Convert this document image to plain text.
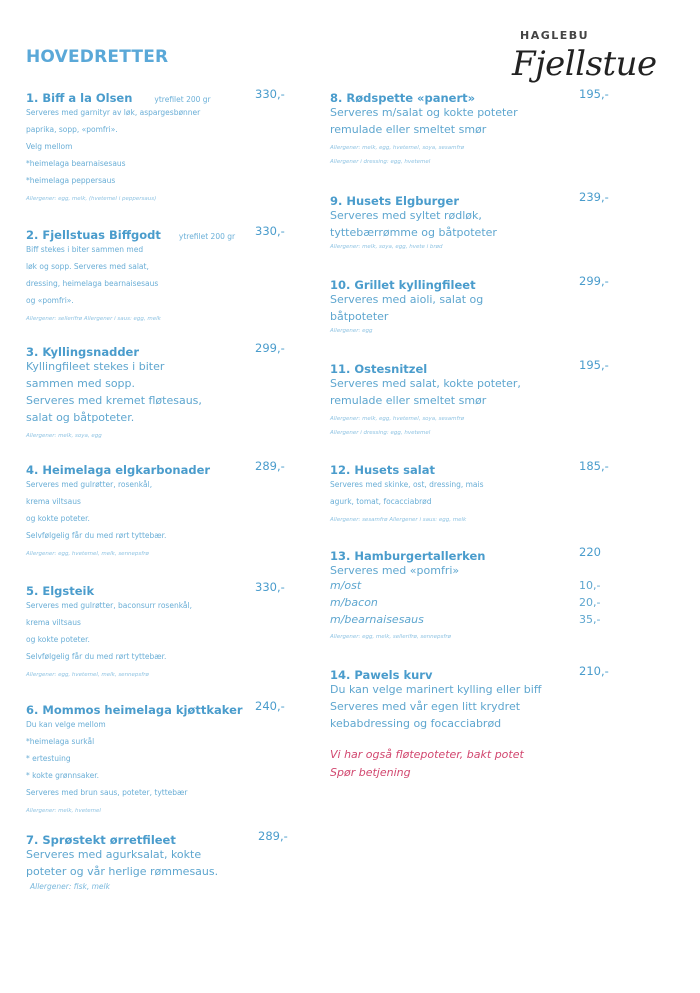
HOVEDRETTER
HAGLEBU
Fjellstue
1. Biff a la Olsen	ytrefilet 200 gr	330,-
Serveres med garnityr av løk, aspargesbønner
paprika, sopp, «pomfri».
Velg mellom
*heimelaga bearnaisesaus
*heimelaga peppersaus
Allergener: egg, melk, (hvetemel i peppersaus)
2. Fjellstuas Biffgodt ytrefilet 200 gr 330,-
Biff stekes i biter sammen med
løk og sopp. Serveres med salat,
dressing, heimelaga bearnaisesaus
og «pomfri».
Allergener: sellerifrø Allergener i saus: egg, melk
3. Kyllingsnadder	299,-
Kyllingfileet stekes i biter
sammen med sopp.
Serveres med kremet fløtesaus,
salat og båtpoteter.
Allergener: melk, soya, egg
4. Heimelaga elgkarbonader	289,-
Serveres med gulrøtter, rosenkål,
krema viltsaus
og kokte poteter.
Selvfølgelig får du med rørt tyttebær.
Allergener: egg, hvetemel, melk, sennepsfrø
5. Elgsteik	330,-
Serveres med gulrøtter, baconsurr rosenkål,
krema viltsaus
og kokte poteter.
Selvfølgelig får du med rørt tyttebær.
Allergener: egg, hvetemel, melk, sennepsfrø
6. Mommos heimelaga kjøttkaker 240,-
Du kan velge mellom
*heimelaga surkål
* ertestuing
* kokte grønnsaker.
Serveres med brun saus, poteter, tyttebær
Allergener: melk, hvetemel
7. Sprøstekt ørretfileet	289,-
Serveres med agurksalat, kokte
poteter og vår herlige rømmesaus.
Allergener: fisk, melk
8. Rødspette «panert»	195,-
Serveres m/salat og kokte poteter
remulade eller smeltet smør
Allergener: melk, egg, hvetemel, soya, sesamfrø
Allergener i dressing: egg, hvetemel
9. Husets Elgburger	239,-
Serveres med syltet rødløk,
tyttebærrømme og båtpoteter
Allergener: melk, soya, egg, hvete i brød
10. Grillet kyllingfileet	299,-
Serveres med aioli, salat og
båtpoteter
Allergener: egg
11. Ostesnitzel	195,-
Serveres med salat, kokte poteter,
remulade eller smeltet smør
Allergener: melk, egg, hvetemel, soya, sesamfrø
Allergener i dressing: egg, hvetemel
12. Husets salat	185,-
Serveres med skinke, ost, dressing, mais
agurk, tomat, focacciabrød
Allergener: sesamfrø Allergener i saus: egg, melk
13. Hamburgertallerken	220
Serveres med «pomfri»
m/ost	10,-
m/bacon	20,-
m/bearnaisesaus	35,-
Allergener: egg, melk, sellerifrø, sennepsfrø
14. Pawels kurv	210,-
Du kan velge marinert kylling eller biff
Serveres med vår egen litt krydret
kebabdressing og focacciabrød
Vi har også fløtepoteter, bakt potet
Spør betjening
